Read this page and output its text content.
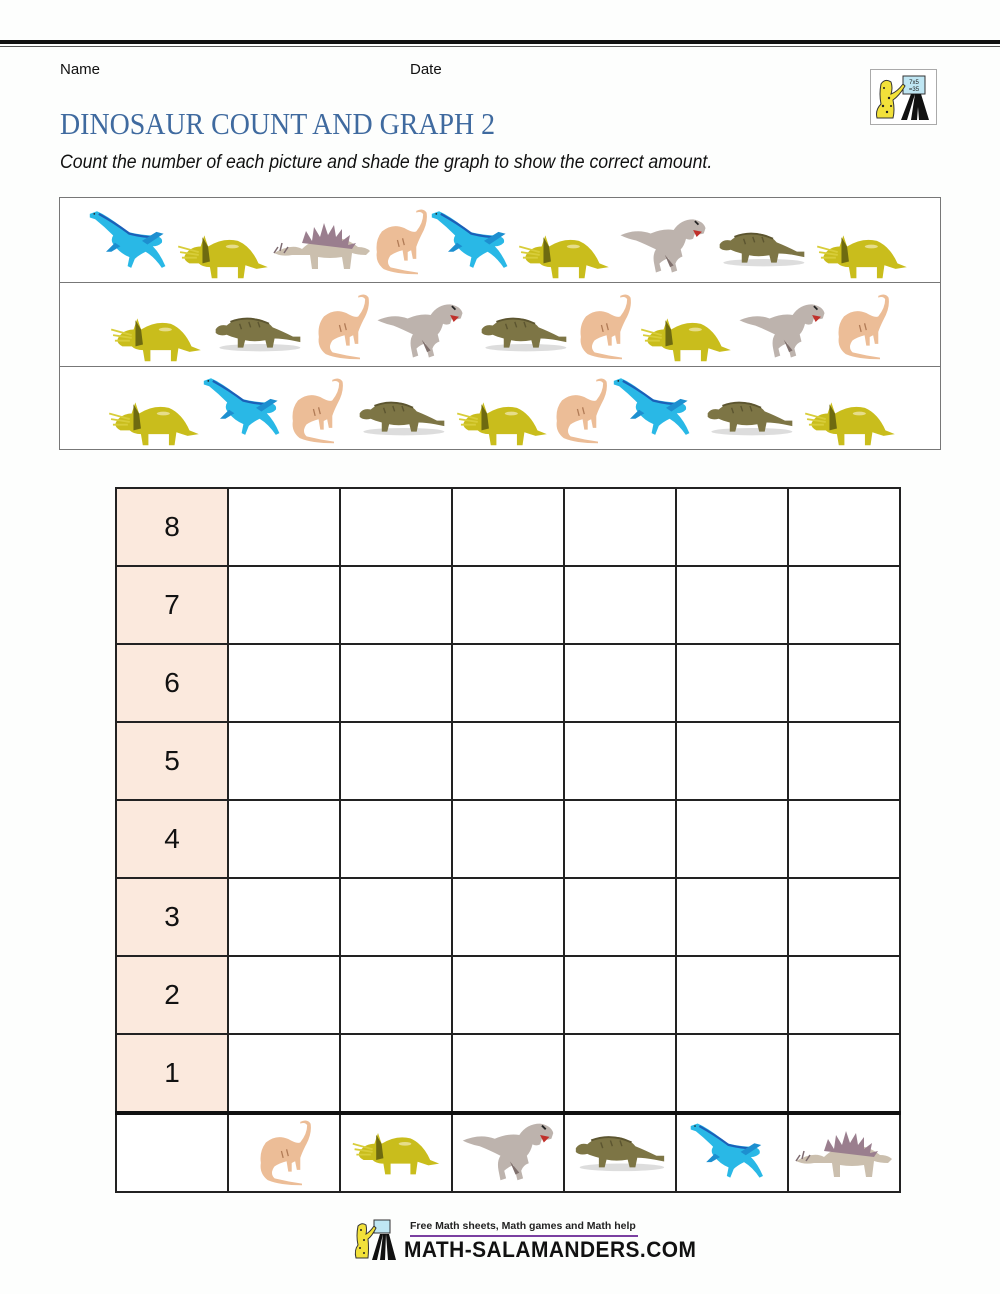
Name	Date
7x5
=35
DINOSAUR COUNT AND GRAPH 2
Count the number of each picture and shade the graph to show the correct amount.
8						
7						
6						
5						
4						
3						
2						
1						

Free Math sheets, Math games and Math help
MATH-SALAMANDERS.COM
